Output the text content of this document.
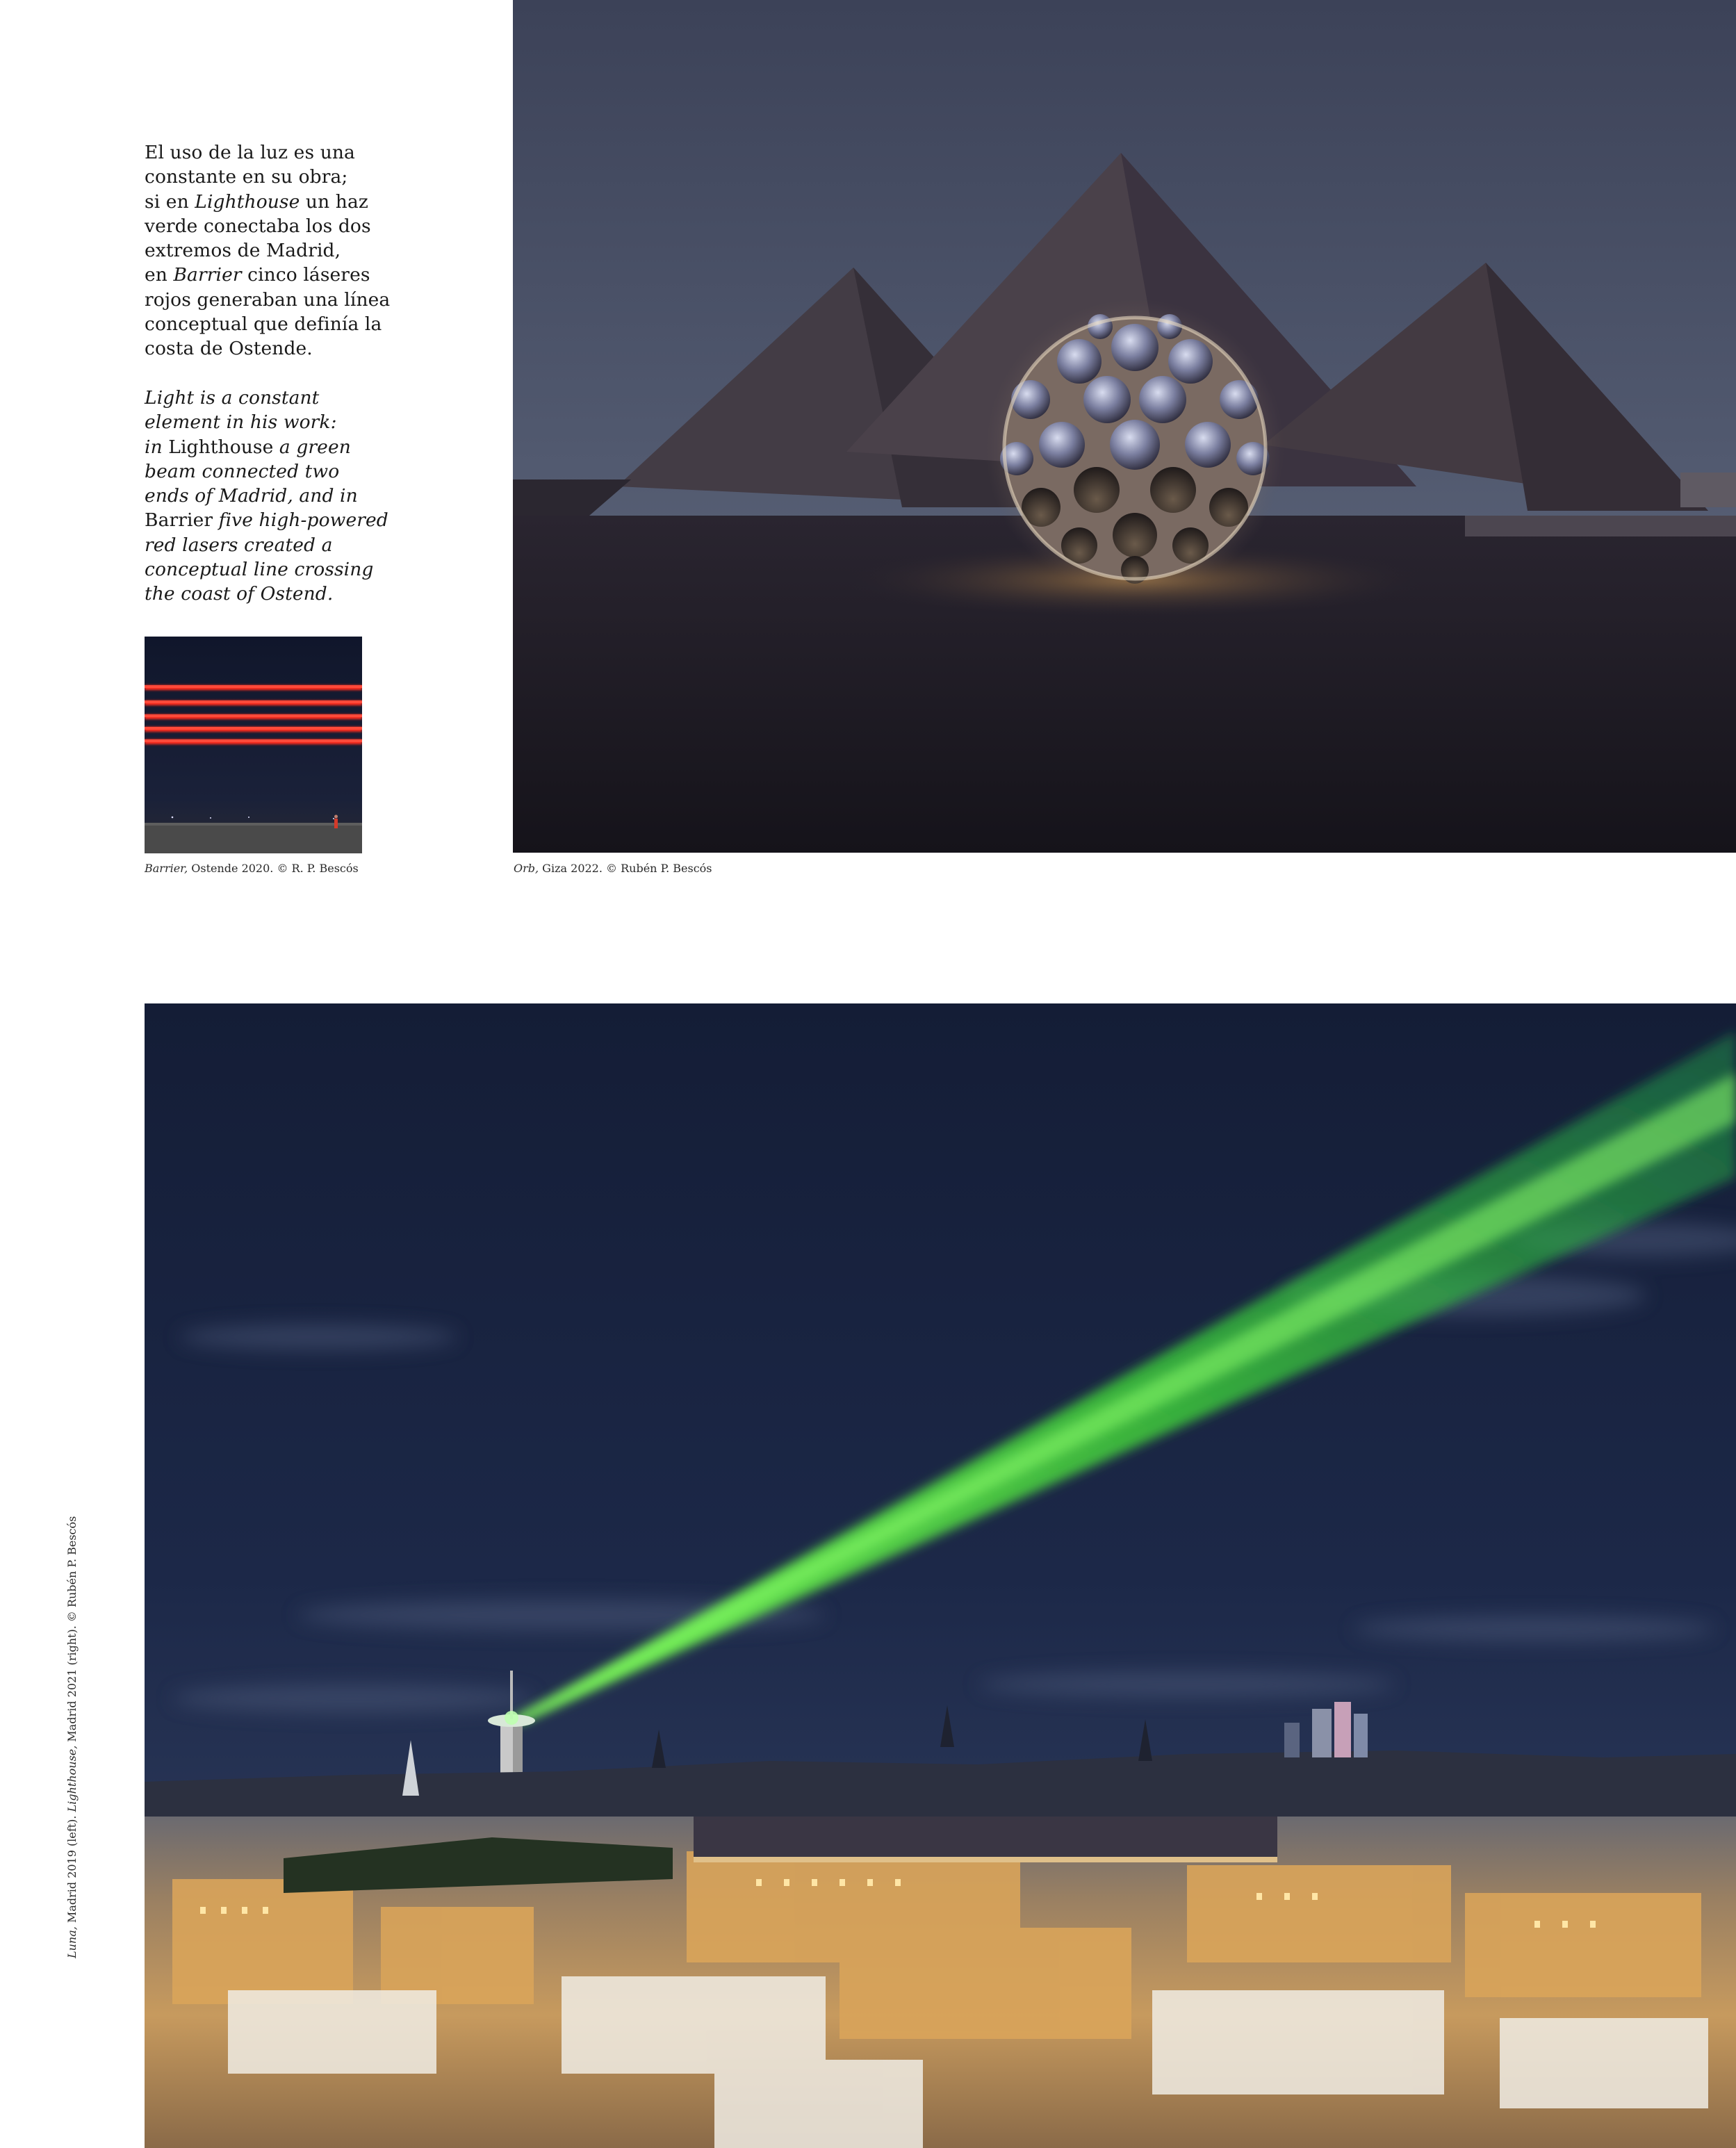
El uso de la luz es una
constante en su obra;
si en Lighthouse un haz
verde conectaba los dos
extremos de Madrid,
en Barrier cinco láseres
rojos generaban una línea
conceptual que definía la
costa de Ostende.
Light is a constant
element in his work:
in Lighthouse a green
beam connected two
ends of Madrid, and in
Barrier five high-powered
red lasers created a
conceptual line crossing
the coast of Ostend.
Barrier, Ostende 2020. © R. P. Bescós	Orb, Giza 2022. © Rubén P. Bescós
Luna, Madrid 2019 (left). Lighthouse, Madrid 2021 (right). © Rubén P. Bescós
